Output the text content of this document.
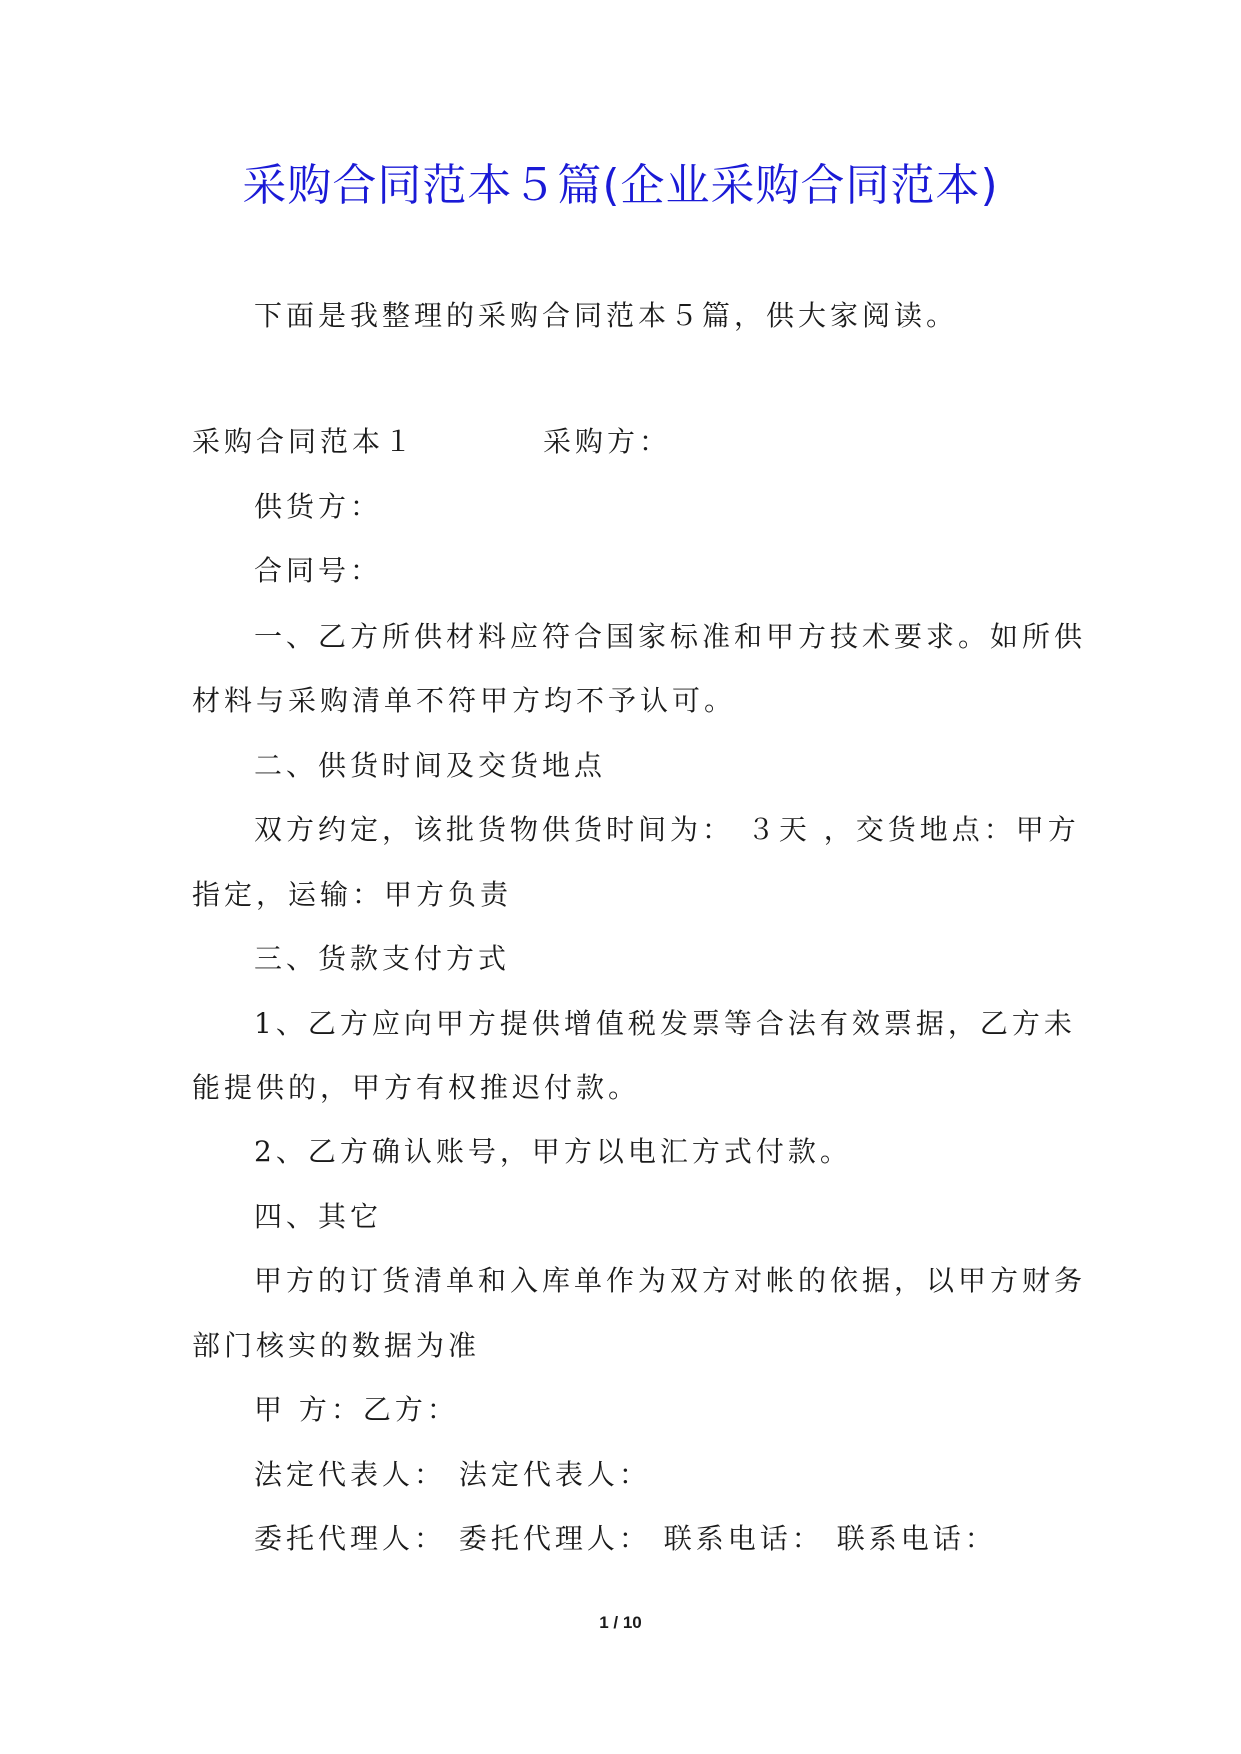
采购合同范本５篇(企业采购合同范本)
下面是我整理的采购合同范本５篇，供大家阅读。
采购合同范本１	采购方：
供货方：
合同号：
一、乙方所供材料应符合国家标准和甲方技术要求。如所供
材料与采购清单不符甲方均不予认可。
二、供货时间及交货地点
双方约定，该批货物供货时间为： ３天 ，交货地点：甲方
指定，运输：甲方负责
三、货款支付方式
1、乙方应向甲方提供增值税发票等合法有效票据，乙方未
能提供的，甲方有权推迟付款。
2、乙方确认账号，甲方以电汇方式付款。
四、其它
甲方的订货清单和入库单作为双方对帐的依据，以甲方财务
部门核实的数据为准
甲 方：乙方：
法定代表人： 法定代表人：
委托代理人： 委托代理人： 联系电话： 联系电话：
1 / 10
